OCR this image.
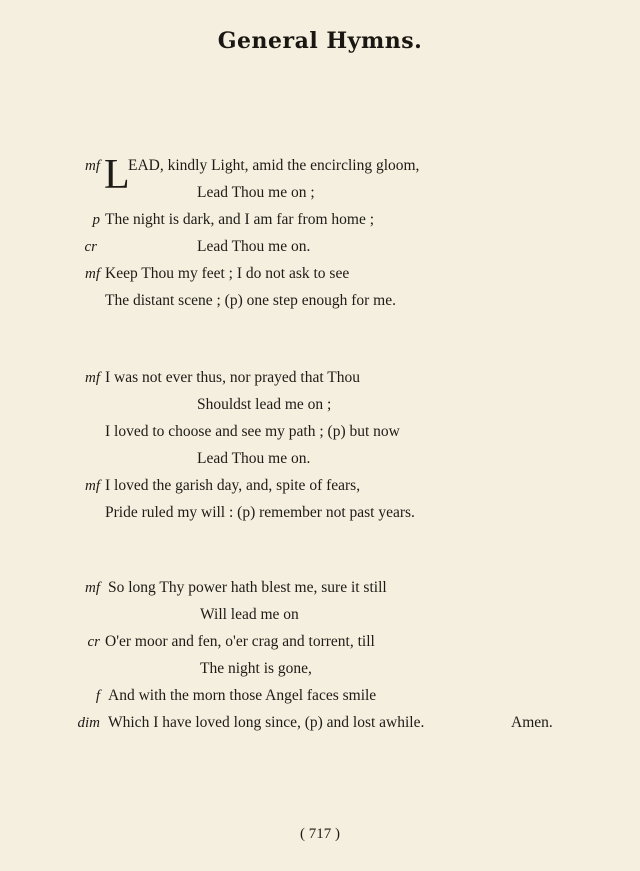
General Hymns.
L
mf EAD, kindly Light, amid the encircling gloom,
Lead Thou me on ;
p The night is dark, and I am far from home ;
cr	Lead Thou me on.
mf Keep Thou my feet ; I do not ask to see
The distant scene ; (p) one step enough for me.
mf I was not ever thus, nor prayed that Thou
Shouldst lead me on ;
I loved to choose and see my path ; (p) but now
Lead Thou me on.
mf I loved the garish day, and, spite of fears,
Pride ruled my will : (p) remember not past years.
mf So long Thy power hath blest me, sure it still
Will lead me on
cr O'er moor and fen, o'er crag and torrent, till
The night is gone,
f And with the morn those Angel faces smile
dim Which I have loved long since, (p) and lost awhile.	Amen.
( 717 )
